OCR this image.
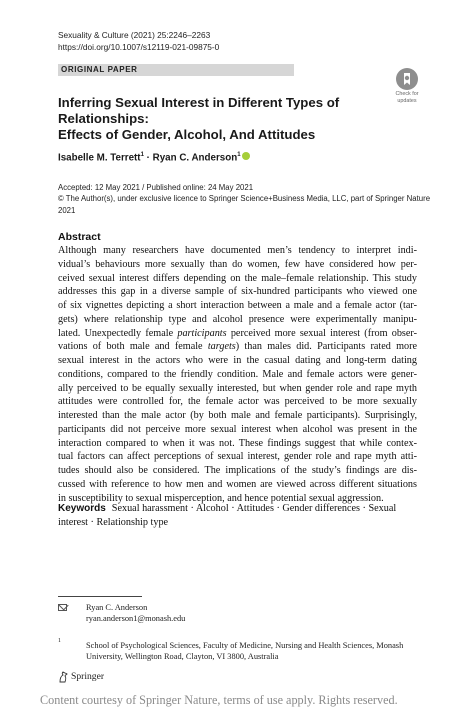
Sexuality & Culture (2021) 25:2246–2263
https://doi.org/10.1007/s12119-021-09875-0
ORIGINAL PAPER
Check for
updates
Inferring Sexual Interest in Different Types of Relationships:
Effects of Gender, Alcohol, And Attitudes
Isabelle M. Terrett$^1$ · Ryan C. Anderson$^1$
Accepted: 12 May 2021 / Published online: 24 May 2021
© The Author(s), under exclusive licence to Springer Science+Business Media, LLC, part of Springer Nature
2021
Abstract
Although many researchers have documented men’s tendency to interpret indi-
vidual’s behaviours more sexually than do women, few have considered how per-
ceived sexual interest differs depending on the male–female relationship. This study
addresses this gap in a diverse sample of six-hundred participants who viewed one
of six vignettes depicting a short interaction between a male and a female actor (tar-
gets) where relationship type and alcohol presence were experimentally manipu-
lated. Unexpectedly female participants perceived more sexual interest (from obser-
vations of both male and female targets) than males did. Participants rated more
sexual interest in the actors who were in the casual dating and long-term dating
conditions, compared to the friendly condition. Male and female actors were gener-
ally perceived to be equally sexually interested, but when gender role and rape myth
attitudes were controlled for, the female actor was perceived to be more sexually
interested than the male actor (by both male and female participants). Surprisingly,
participants did not perceive more sexual interest when alcohol was present in the
interaction compared to when it was not. These findings suggest that while contex-
tual factors can affect perceptions of sexual interest, gender role and rape myth atti-
tudes should also be considered. The implications of the study’s findings are dis-
cussed with reference to how men and women are viewed across different situations
in susceptibility to sexual misperception, and hence potential sexual aggression.
Keywords Sexual harassment · Alcohol · Attitudes · Gender differences · Sexual
interest · Relationship type
Ryan C. Anderson
ryan.anderson1@monash.edu
1	School of Psychological Sciences, Faculty of Medicine, Nursing and Health Sciences, Monash
University, Wellington Road, Clayton, VI 3800, Australia
Springer
Content courtesy of Springer Nature, terms of use apply. Rights reserved.
